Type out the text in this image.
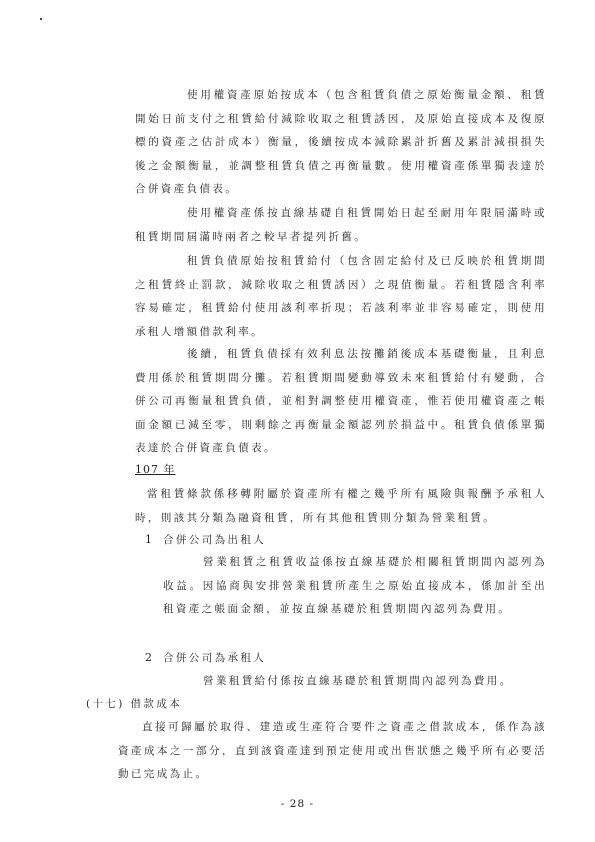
使用權資產原始按成本（包含租賃負債之原始衡量金額、租賃開始日前支付之租賃給付減除收取之租賃誘因，及原始直接成本及復原標的資產之估計成本）衡量，後續按成本減除累計折舊及累計減損損失後之金額衡量，並調整租賃負債之再衡量數。使用權資產係單獨表達於合併資產負債表。

使用權資產係按直線基礎自租賃開始日起至耐用年限屆滿時或租賃期間屆滿時兩者之較早者提列折舊。

租賃負債原始按租賃給付（包含固定給付及已反映於租賃期間之租賃終止罰款，減除收取之租賃誘因）之現值衡量。若租賃隱含利率容易確定，租賃給付使用該利率折現；若該利率並非容易確定，則使用承租人增額借款利率。

後續，租賃負債採有效利息法按攤銷後成本基礎衡量，且利息費用係於租賃期間分攤。若租賃期間變動導致未來租賃給付有變動，合併公司再衡量租賃負債，並相對調整使用權資產，惟若使用權資產之帳面金額已減至零，則剩餘之再衡量金額認列於損益中。租賃負債係單獨表達於合併資產負債表。

107 年

當租賃條款係移轉附屬於資產所有權之幾乎所有風險與報酬予承租人時，則該其分類為融資租賃，所有其他租賃則分類為營業租賃。

1 合併公司為出租人

營業租賃之租賃收益係按直線基礎於相關租賃期間內認列為收益。因協商與安排營業租賃所產生之原始直接成本，係加計至出租資產之帳面金額，並按直線基礎於租賃期間內認列為費用。

2 合併公司為承租人

營業租賃給付係按直線基礎於租賃期間內認列為費用。

(十七) 借款成本

直接可歸屬於取得、建造或生產符合要件之資產之借款成本，係作為該資產成本之一部分，直到該資產達到預定使用或出售狀態之幾乎所有必要活動已完成為止。

- 28 -
